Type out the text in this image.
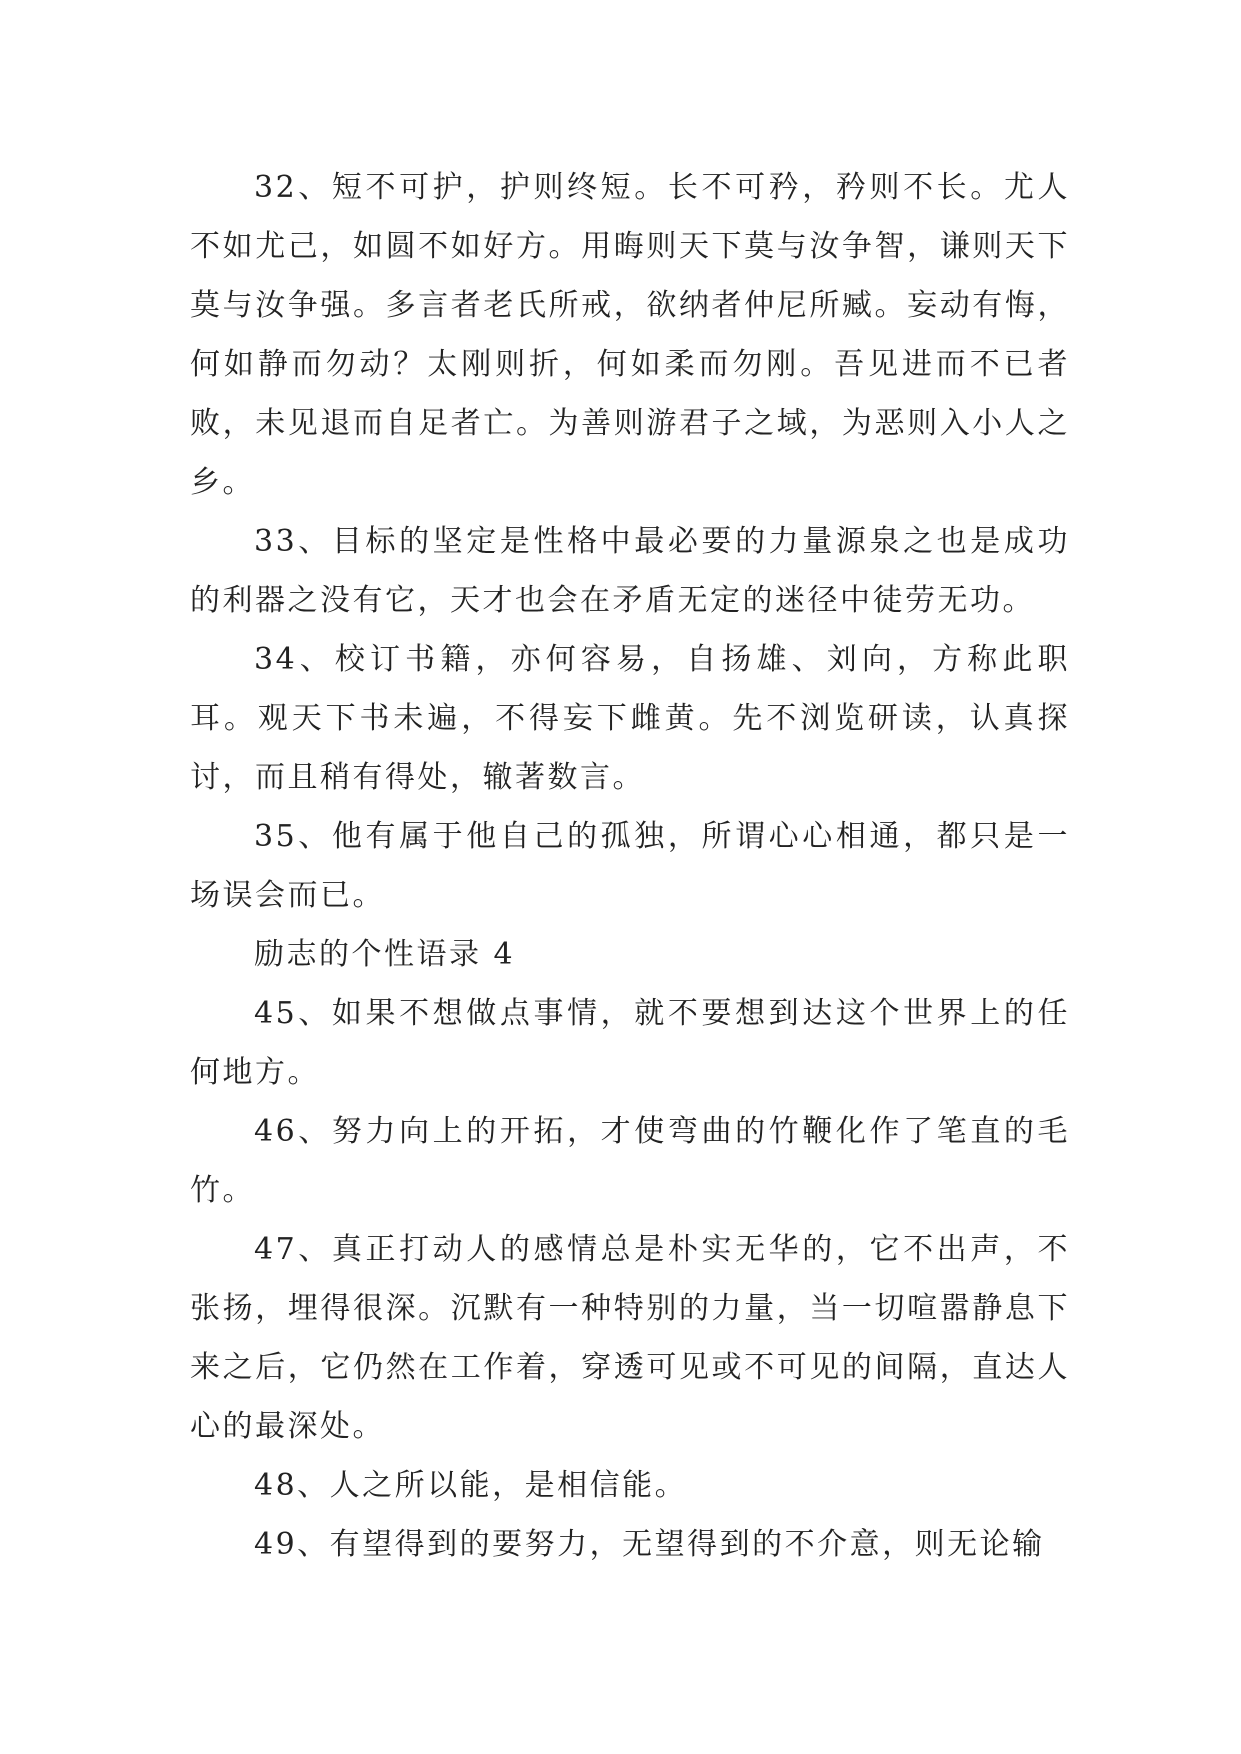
32、短不可护，护则终短。长不可矜，矜则不长。尤人不如尤己，如圆不如好方。用晦则天下莫与汝争智，谦则天下莫与汝争强。多言者老氏所戒，欲纳者仲尼所臧。妄动有悔，何如静而勿动？太刚则折，何如柔而勿刚。吾见进而不已者败，未见退而自足者亡。为善则游君子之域，为恶则入小人之乡。

33、目标的坚定是性格中最必要的力量源泉之也是成功的利器之没有它，天才也会在矛盾无定的迷径中徒劳无功。

34、校订书籍，亦何容易，自扬雄、刘向，方称此职耳。观天下书未遍，不得妄下雌黄。先不浏览研读，认真探讨，而且稍有得处，辙著数言。

35、他有属于他自己的孤独，所谓心心相通，都只是一场误会而已。

励志的个性语录 4

45、如果不想做点事情，就不要想到达这个世界上的任何地方。

46、努力向上的开拓，才使弯曲的竹鞭化作了笔直的毛竹。

47、真正打动人的感情总是朴实无华的，它不出声，不张扬，埋得很深。沉默有一种特别的力量，当一切喧嚣静息下来之后，它仍然在工作着，穿透可见或不可见的间隔，直达人心的最深处。

48、人之所以能，是相信能。

49、有望得到的要努力，无望得到的不介意，则无论输
